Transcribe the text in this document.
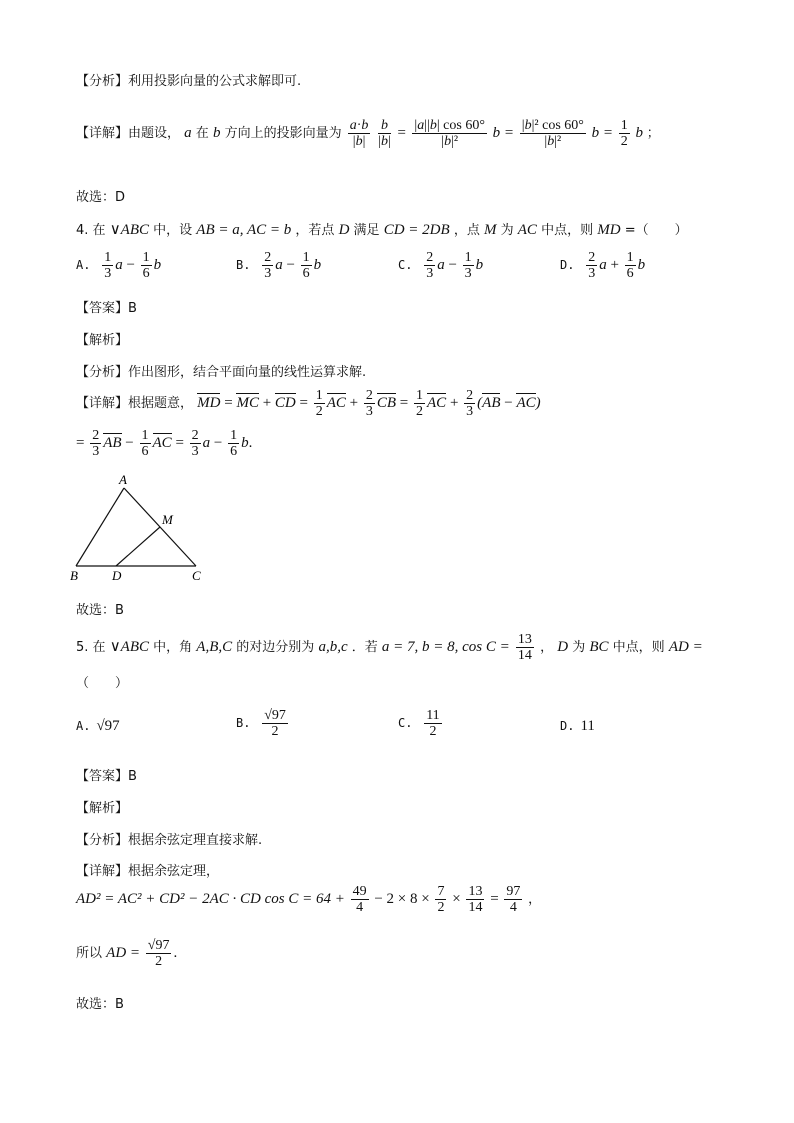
【分析】利用投影向量的公式求解即可.
【详解】由题设， a 在 b 方向上的投影向量为 $\frac{a\cdot b}{|b|}$
$\frac{b}{|b|} = \frac{|a||b| \cos 60^\circ}{\text{|b|²}}$ $b = \frac{\text{|b|² cos 60°}}{\text{|b|²}}$ $b = \frac{1}{2}$ b ；
故选：D
4. 在 ∨ABC 中，设 AB = a, AC = b ，若点 D 满足 CD = 2DB ，点 M 为 AC 中点，则 MD =（　　）
A. $\frac{1}{3}$ $a - \frac{1}{6}$ b	B. $\frac{2}{3}$ $a - \frac{1}{6}$ b	C. $\frac{2}{3}$ $a - \frac{1}{3}$ b	D. $\frac{2}{3}$ $a + \frac{1}{6}$ b
【答案】B
【解析】
【分析】作出图形，结合平面向量的线性运算求解.
【详解】根据题意， MD = MC + CD = $\frac{1}{2}$ AC + $\frac{2}{3}$ CB = $\frac{1}{2}$ AC + $\frac{2}{3} (AB - AC)$
= $\frac{2}{3}$ AB − $\frac{1}{6}$ AC = $\frac{2}{3}$ $a - \frac{1}{6} b$.
A
B	D	C
M
故选：B
5. 在 ∨ABC 中，角 A,B,C 的对边分别为 a,b,c ．若 a = 7, b = 8, $\cos C = \frac{13}{14}$ ， D 为 BC 中点，则 AD =
（　　）
A. √97	B. $\frac{√97}{2}$	C. $\frac{11}{2}$	D. 11
【答案】B
【解析】
【分析】根据余弦定理直接求解.
【详解】根据余弦定理，
AD² = AC² + CD² − 2AC · CD $\cos C = 64 + \frac{49}{4} - 2 \times 8 \times \frac{7}{2} \times \frac{13}{14} = \frac{97}{4}$ ，
所以 AD = $\frac{√97}{2}$ .
故选：B
